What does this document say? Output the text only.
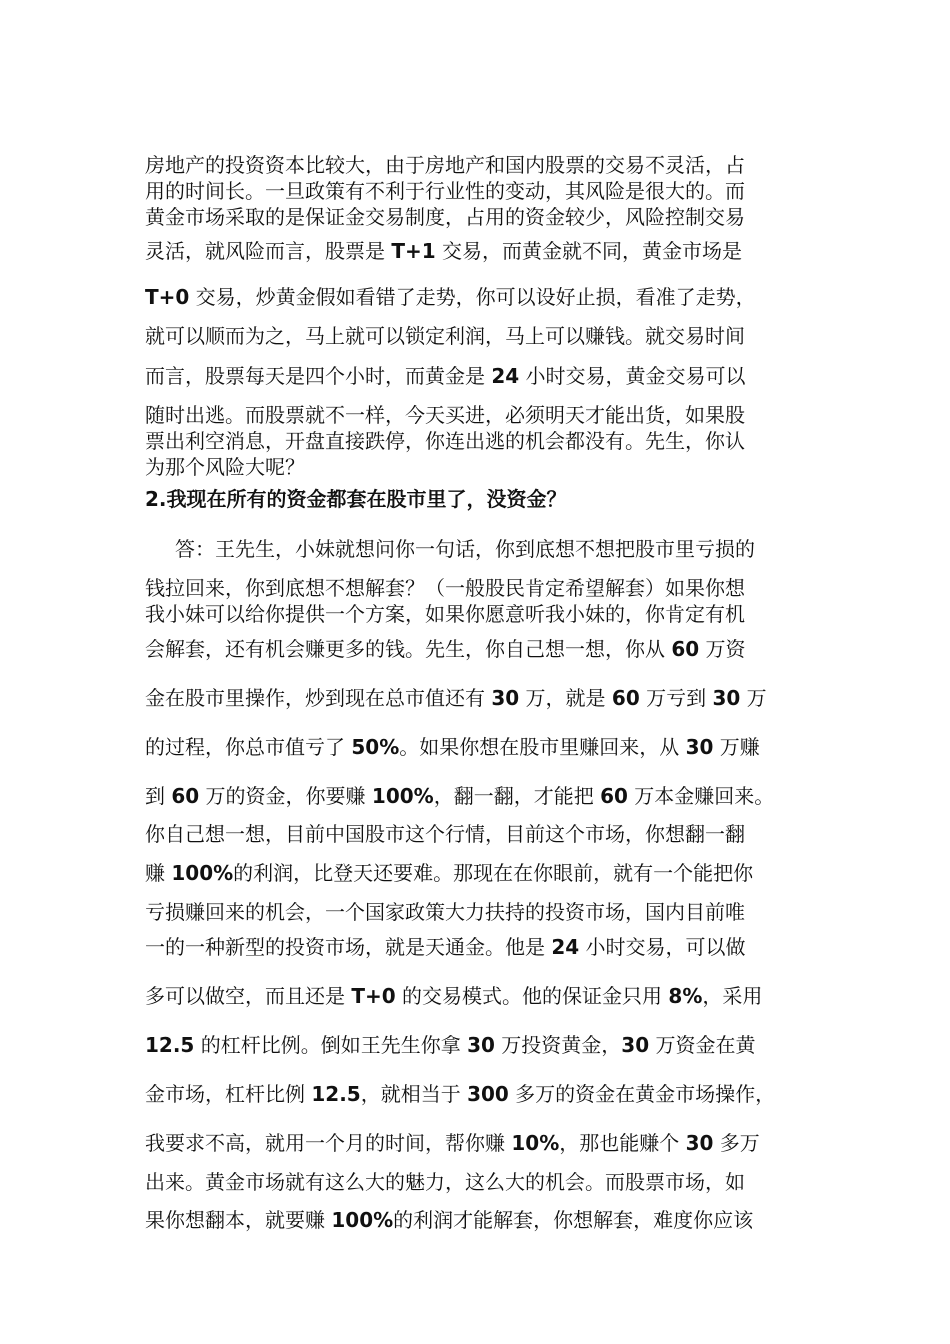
房地产的投资资本比较大，由于房地产和国内股票的交易不灵活，占
用的时间长。一旦政策有不利于行业性的变动，其风险是很大的。而
黄金市场采取的是保证金交易制度，占用的资金较少，风险控制交易
灵活，就风险而言，股票是 T+1 交易，而黄金就不同，黄金市场是
T+0 交易，炒黄金假如看错了走势，你可以设好止损，看准了走势，
就可以顺而为之，马上就可以锁定利润，马上可以赚钱。就交易时间
而言，股票每天是四个小时，而黄金是 24 小时交易，黄金交易可以
随时出逃。而股票就不一样，今天买进，必须明天才能出货，如果股
票出利空消息，开盘直接跌停，你连出逃的机会都没有。先生，你认
为那个风险大呢？
2.我现在所有的资金都套在股市里了，没资金？
答：王先生，小妹就想问你一句话，你到底想不想把股市里亏损的
钱拉回来，你到底想不想解套？（一般股民肯定希望解套）如果你想
我小妹可以给你提供一个方案，如果你愿意听我小妹的，你肯定有机
会解套，还有机会赚更多的钱。先生，你自己想一想，你从 60 万资
金在股市里操作，炒到现在总市值还有 30 万，就是 60 万亏到 30 万
的过程，你总市值亏了 50%。如果你想在股市里赚回来，从 30 万赚
到 60 万的资金，你要赚 100%，翻一翻，才能把 60 万本金赚回来。
你自己想一想，目前中国股市这个行情，目前这个市场，你想翻一翻
赚 100%的利润，比登天还要难。那现在在你眼前，就有一个能把你
亏损赚回来的机会，一个国家政策大力扶持的投资市场，国内目前唯
一的一种新型的投资市场，就是天通金。他是 24 小时交易，可以做
多可以做空，而且还是 T+0 的交易模式。他的保证金只用 8%，采用
12.5 的杠杆比例。倒如王先生你拿 30 万投资黄金，30 万资金在黄
金市场，杠杆比例 12.5，就相当于 300 多万的资金在黄金市场操作，
我要求不高，就用一个月的时间，帮你赚 10%，那也能赚个 30 多万
出来。黄金市场就有这么大的魅力，这么大的机会。而股票市场，如
果你想翻本，就要赚 100%的利润才能解套，你想解套，难度你应该
